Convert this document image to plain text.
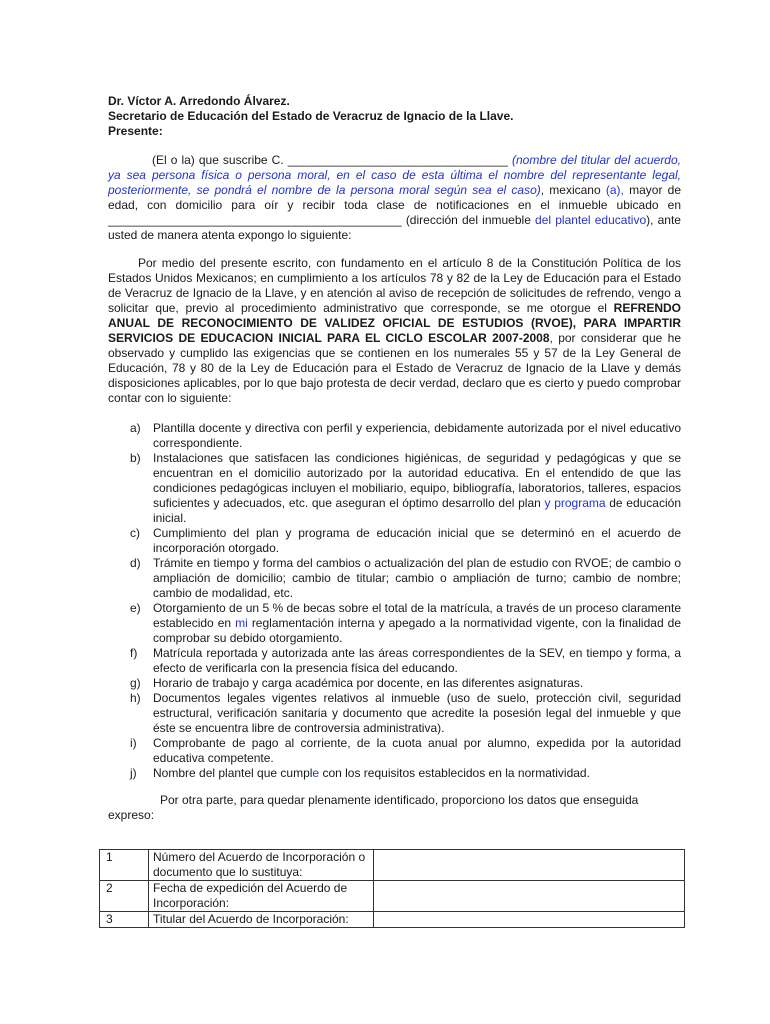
Dr. Víctor A. Arredondo Álvarez.
Secretario de Educación del Estado de Veracruz de Ignacio de la Llave.
Presente:
(El o la) que suscribe C. _________________________________ (nombre del titular del acuerdo, ya sea persona física o persona moral, en el caso de esta última el nombre del representante legal, posteriormente, se pondrá el nombre de la persona moral según sea el caso), mexicano (a), mayor de edad, con domicilio para oír y recibir toda clase de notificaciones en el inmueble ubicado en ____________________________________________ (dirección del inmueble del plantel educativo), ante usted de manera atenta expongo lo siguiente:
Por medio del presente escrito, con fundamento en el artículo 8 de la Constitución Política de los Estados Unidos Mexicanos; en cumplimiento a los artículos 78 y 82 de la Ley de Educación para el Estado de Veracruz de Ignacio de la Llave, y en atención al aviso de recepción de solicitudes de refrendo, vengo a solicitar que, previo al procedimiento administrativo que corresponde, se me otorgue el REFRENDO ANUAL DE RECONOCIMIENTO DE VALIDEZ OFICIAL DE ESTUDIOS (RVOE), PARA IMPARTIR SERVICIOS DE EDUCACION INICIAL PARA EL CICLO ESCOLAR 2007-2008, por considerar que he observado y cumplido las exigencias que se contienen en los numerales 55 y 57 de la Ley General de Educación, 78 y 80 de la Ley de Educación para el Estado de Veracruz de Ignacio de la Llave y demás disposiciones aplicables, por lo que bajo protesta de decir verdad, declaro que es cierto y puedo comprobar contar con lo siguiente:
a) Plantilla docente y directiva con perfil y experiencia, debidamente autorizada por el nivel educativo correspondiente.
b) Instalaciones que satisfacen las condiciones higiénicas, de seguridad y pedagógicas y que se encuentran en el domicilio autorizado por la autoridad educativa. En el entendido de que las condiciones pedagógicas incluyen el mobiliario, equipo, bibliografía, laboratorios, talleres, espacios suficientes y adecuados, etc. que aseguran el óptimo desarrollo del plan y programa de educación inicial.
c) Cumplimiento del plan y programa de educación inicial que se determinó en el acuerdo de incorporación otorgado.
d) Trámite en tiempo y forma del cambios o actualización del plan de estudio con RVOE; de cambio o ampliación de domicilio; cambio de titular; cambio o ampliación de turno; cambio de nombre; cambio de modalidad, etc.
e) Otorgamiento de un 5 % de becas sobre el total de la matrícula, a través de un proceso claramente establecido en mi reglamentación interna y apegado a la normatividad vigente, con la finalidad de comprobar su debido otorgamiento.
f) Matrícula reportada y autorizada ante las áreas correspondientes de la SEV, en tiempo y forma, a efecto de verificarla con la presencia física del educando.
g) Horario de trabajo y carga académica por docente, en las diferentes asignaturas.
h) Documentos legales vigentes relativos al inmueble (uso de suelo, protección civil, seguridad estructural, verificación sanitaria y documento que acredite la posesión legal del inmueble y que éste se encuentra libre de controversia administrativa).
i) Comprobante de pago al corriente, de la cuota anual por alumno, expedida por la autoridad educativa competente.
j) Nombre del plantel que cumple con los requisitos establecidos en la normatividad.
Por otra parte, para quedar plenamente identificado, proporciono los datos que enseguida expreso:
1	Número del Acuerdo de Incorporación o documento que lo sustituya:	
2	Fecha de expedición del Acuerdo de Incorporación:	
3	Titular del Acuerdo de Incorporación:	
